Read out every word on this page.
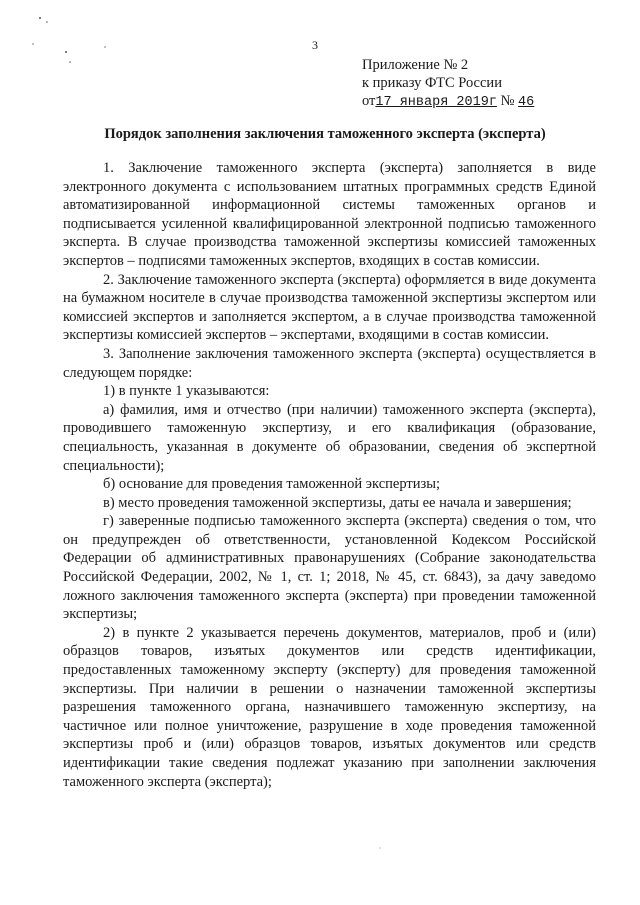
3
Приложение № 2
к приказу ФТС России
от17 января 2019г № 46
Порядок заполнения заключения таможенного эксперта (эксперта)

1. Заключение таможенного эксперта (эксперта) заполняется в виде электронного документа с использованием штатных программных средств Единой автоматизированной информационной системы таможенных органов и подписывается усиленной квалифицированной электронной подписью таможенного эксперта. В случае производства таможенной экспертизы комиссией таможенных экспертов – подписями таможенных экспертов, входящих в состав комиссии.

2. Заключение таможенного эксперта (эксперта) оформляется в виде документа на бумажном носителе в случае производства таможенной экспертизы экспертом или комиссией экспертов и заполняется экспертом, а в случае производства таможенной экспертизы комиссией экспертов – экспертами, входящими в состав комиссии.

3. Заполнение заключения таможенного эксперта (эксперта) осуществляется в следующем порядке:

1) в пункте 1 указываются:

а) фамилия, имя и отчество (при наличии) таможенного эксперта (эксперта), проводившего таможенную экспертизу, и его квалификация (образование, специальность, указанная в документе об образовании, сведения об экспертной специальности);

б) основание для проведения таможенной экспертизы;

в) место проведения таможенной экспертизы, даты ее начала и завершения;

г) заверенные подписью таможенного эксперта (эксперта) сведения о том, что он предупрежден об ответственности, установленной Кодексом Российской Федерации об административных правонарушениях (Собрание законодательства Российской Федерации, 2002, № 1, ст. 1; 2018, № 45, ст. 6843), за дачу заведомо ложного заключения таможенного эксперта (эксперта) при проведении таможенной экспертизы;

2) в пункте 2 указывается перечень документов, материалов, проб и (или) образцов товаров, изъятых документов или средств идентификации, предоставленных таможенному эксперту (эксперту) для проведения таможенной экспертизы. При наличии в решении о назначении таможенной экспертизы разрешения таможенного органа, назначившего таможенную экспертизу, на частичное или полное уничтожение, разрушение в ходе проведения таможенной экспертизы проб и (или) образцов товаров, изъятых документов или средств идентификации такие сведения подлежат указанию при заполнении заключения таможенного эксперта (эксперта);
